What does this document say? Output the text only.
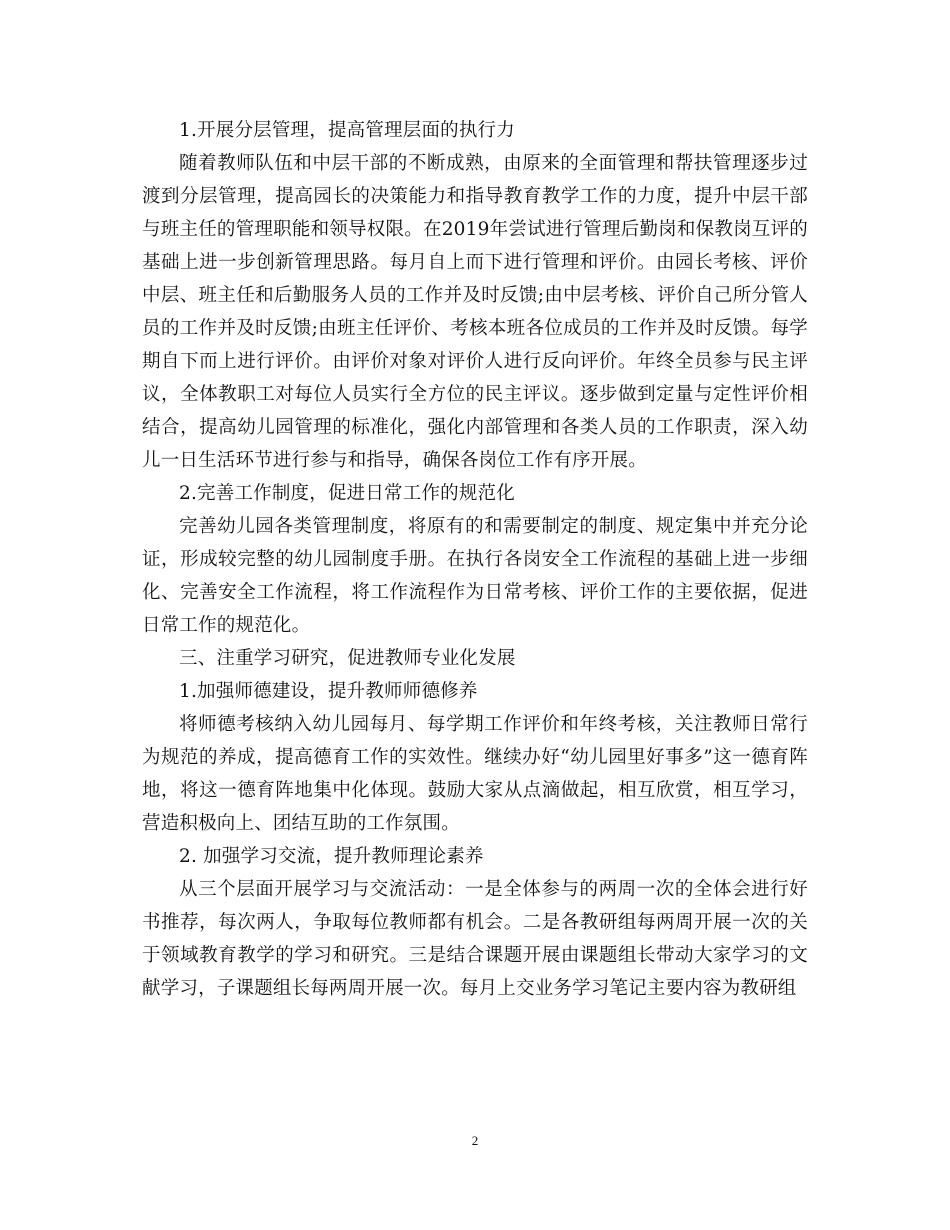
1.开展分层管理，提高管理层面的执行力

随着教师队伍和中层干部的不断成熟，由原来的全面管理和帮扶管理逐步过渡到分层管理，提高园长的决策能力和指导教育教学工作的力度，提升中层干部与班主任的管理职能和领导权限。在2019年尝试进行管理后勤岗和保教岗互评的基础上进一步创新管理思路。每月自上而下进行管理和评价。由园长考核、评价中层、班主任和后勤服务人员的工作并及时反馈;由中层考核、评价自己所分管人员的工作并及时反馈;由班主任评价、考核本班各位成员的工作并及时反馈。每学期自下而上进行评价。由评价对象对评价人进行反向评价。年终全员参与民主评议，全体教职工对每位人员实行全方位的民主评议。逐步做到定量与定性评价相结合，提高幼儿园管理的标准化，强化内部管理和各类人员的工作职责，深入幼儿一日生活环节进行参与和指导，确保各岗位工作有序开展。

2.完善工作制度，促进日常工作的规范化

完善幼儿园各类管理制度，将原有的和需要制定的制度、规定集中并充分论证，形成较完整的幼儿园制度手册。在执行各岗安全工作流程的基础上进一步细化、完善安全工作流程，将工作流程作为日常考核、评价工作的主要依据，促进日常工作的规范化。

三、注重学习研究，促进教师专业化发展

1.加强师德建设，提升教师师德修养

将师德考核纳入幼儿园每月、每学期工作评价和年终考核，关注教师日常行为规范的养成，提高德育工作的实效性。继续办好“幼儿园里好事多”这一德育阵地，将这一德育阵地集中化体现。鼓励大家从点滴做起，相互欣赏，相互学习，营造积极向上、团结互助的工作氛围。

2. 加强学习交流，提升教师理论素养

从三个层面开展学习与交流活动：一是全体参与的两周一次的全体会进行好书推荐，每次两人，争取每位教师都有机会。二是各教研组每两周开展一次的关于领域教育教学的学习和研究。三是结合课题开展由课题组长带动大家学习的文献学习，子课题组长每两周开展一次。每月上交业务学习笔记主要内容为教研组

2
